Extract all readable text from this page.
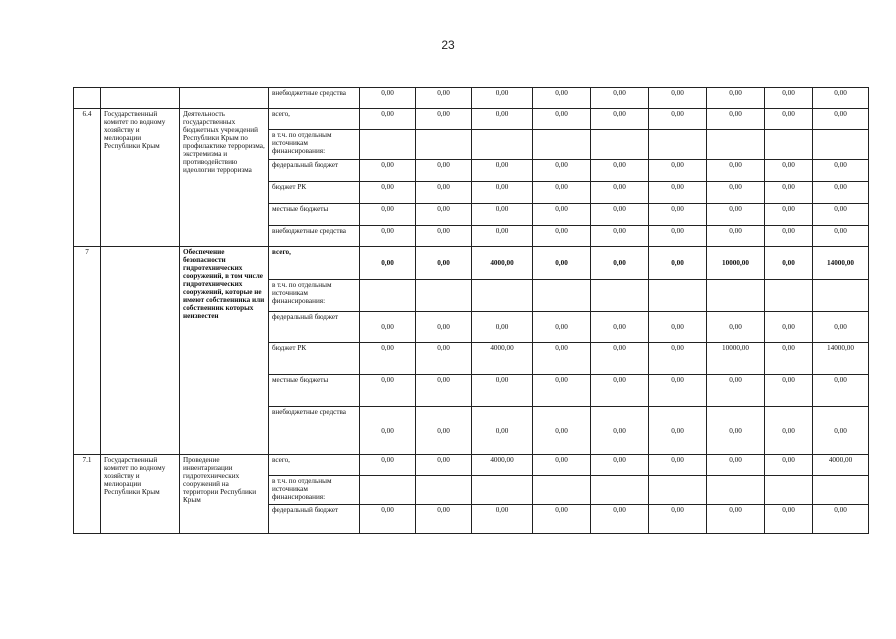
23
			внебюджетные средства	0,00	0,00	0,00	0,00	0,00	0,00	0,00	0,00	0,00
6.4	Государственный комитет по водному хозяйству и мелиорации Республики Крым	Деятельность государственных бюджетных учреждений Республики Крым по профилактике терроризма, экстремизма и противодействию идеологии терроризма	всего,	0,00	0,00	0,00	0,00	0,00	0,00	0,00	0,00	0,00
			в т.ч. по отдельным источникам финансирования:									
			федеральный бюджет	0,00	0,00	0,00	0,00	0,00	0,00	0,00	0,00	0,00
			бюджет РК	0,00	0,00	0,00	0,00	0,00	0,00	0,00	0,00	0,00
			местные бюджеты	0,00	0,00	0,00	0,00	0,00	0,00	0,00	0,00	0,00
			внебюджетные средства	0,00	0,00	0,00	0,00	0,00	0,00	0,00	0,00	0,00
7		Обеспечение безопасности гидротехнических сооружений, в том числе гидротехнических сооружений, которые не имеют собственника или собственник которых неизвестен	всего,	0,00	0,00	4000,00	0,00	0,00	0,00	10000,00	0,00	14000,00
			в т.ч. по отдельным источникам финансирования:									
			федеральный бюджет	0,00	0,00	0,00	0,00	0,00	0,00	0,00	0,00	0,00
			бюджет РК	0,00	0,00	4000,00	0,00	0,00	0,00	10000,00	0,00	14000,00
			местные бюджеты	0,00	0,00	0,00	0,00	0,00	0,00	0,00	0,00	0,00
			внебюджетные средства	0,00	0,00	0,00	0,00	0,00	0,00	0,00	0,00	0,00
7.1	Государственный комитет по водному хозяйству и мелиорации Республики Крым	Проведение инвентаризации гидротехнических сооружений на территории Республики Крым	всего,	0,00	0,00	4000,00	0,00	0,00	0,00	0,00	0,00	4000,00
			в т.ч. по отдельным источникам финансирования:									
			федеральный бюджет	0,00	0,00	0,00	0,00	0,00	0,00	0,00	0,00	0,00
